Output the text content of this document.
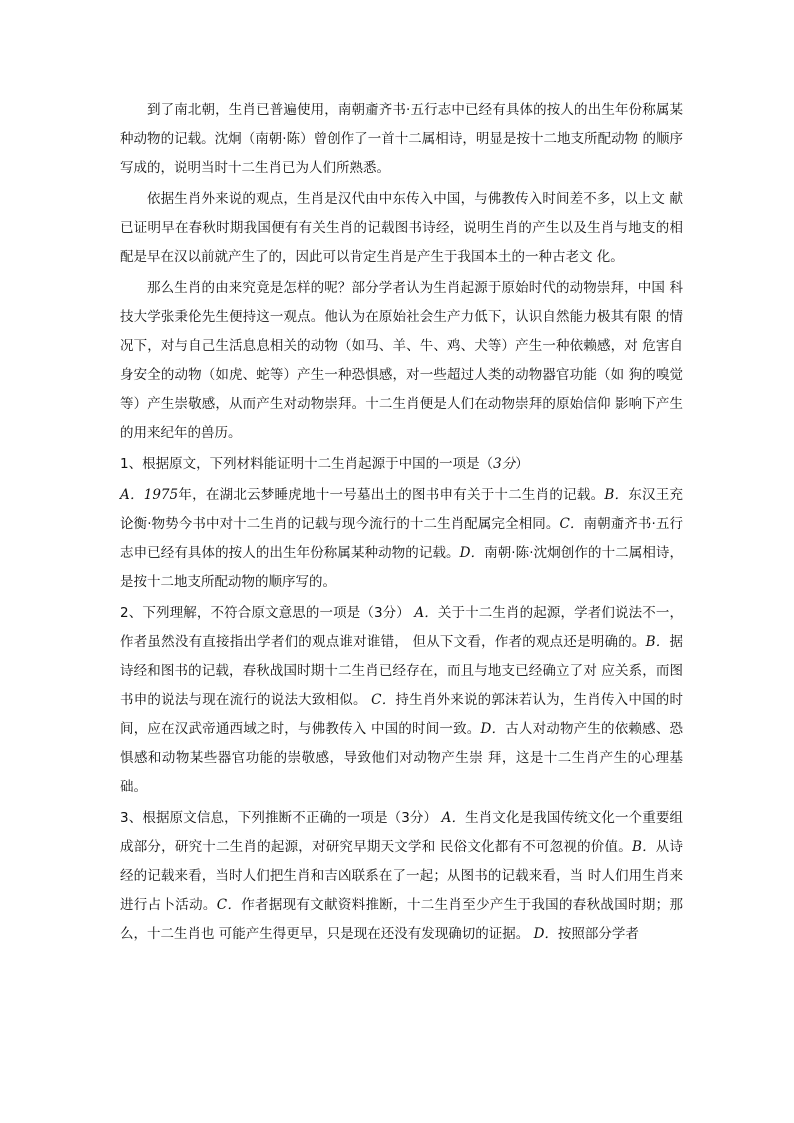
到了南北朝，生肖已普遍使用，南朝齑齐书·五行志中已经有具体的按人的出生年份称属某种动物的记载。沈炯（南朝·陈）曾创作了一首十二属相诗，明显是按十二地支所配动物 的顺序写成的，说明当时十二生肖已为人们所熟悉。

依据生肖外来说的观点，生肖是汉代由中东传入中国，与佛教传入时间差不多，以上文 献已证明早在春秋时期我国便有有关生肖的记载图书诗经，说明生肖的产生以及生肖与地支的相配是早在汉以前就产生了的，因此可以肯定生肖是产生于我国本土的一种古老文 化。

那么生肖的由来究竟是怎样的呢？部分学者认为生肖起源于原始时代的动物崇拜，中国 科技大学张秉伦先生便持这一观点。他认为在原始社会生产力低下，认识自然能力极其有限 的情况下，对与自己生活息息相关的动物（如马、羊、牛、鸡、犬等）产生一种依赖感，对 危害自身安全的动物（如虎、蛇等）产生一种恐惧感，对一些超过人类的动物器官功能（如 狗的嗅觉等）产生崇敬感，从而产生对动物崇拜。十二生肖便是人们在动物崇拜的原始信仰 影响下产生的用来纪年的兽历。

1、根据原文，下列材料能证明十二生肖起源于中国的一项是（3分）

A．1975年，在湖北云梦睡虎地十一号墓出土的图书申有关于十二生肖的记载。B．东汉王充论衡·物势今书中对十二生肖的记载与现今流行的十二生肖配属完全相同。C．南朝齑齐书·五行志申已经有具体的按人的出生年份称属某种动物的记载。D．南朝·陈·沈炯创作的十二属相诗，是按十二地支所配动物的顺序写的。

2、下列理解，不符合原文意思的一项是（3分） A．关于十二生肖的起源，学者们说法不一，作者虽然没有直接指出学者们的观点谁对谁错， 但从下文看，作者的观点还是明确的。B．据诗经和图书的记载，春秋战国时期十二生肖已经存在，而且与地支已经确立了对 应关系，而图书申的说法与现在流行的说法大致相似。 C．持生肖外来说的郭沫若认为，生肖传入中国的时间，应在汉武帝通西域之时，与佛教传入 中国的时间一致。D．古人对动物产生的依赖感、恐惧感和动物某些器官功能的崇敬感，导致他们对动物产生崇 拜，这是十二生肖产生的心理基础。

3、根据原文信息，下列推断不正确的一项是（3分） A．生肖文化是我国传统文化一个重要组成部分，研究十二生肖的起源，对研究早期天文学和 民俗文化都有不可忽视的价值。B．从诗经的记载来看，当时人们把生肖和吉凶联系在了一起；从图书的记载来看，当 时人们用生肖来进行占卜活动。C．作者据现有文献资料推断，十二生肖至少产生于我国的春秋战国时期；那么，十二生肖也 可能产生得更早，只是现在还没有发现确切的证据。 D．按照部分学者
